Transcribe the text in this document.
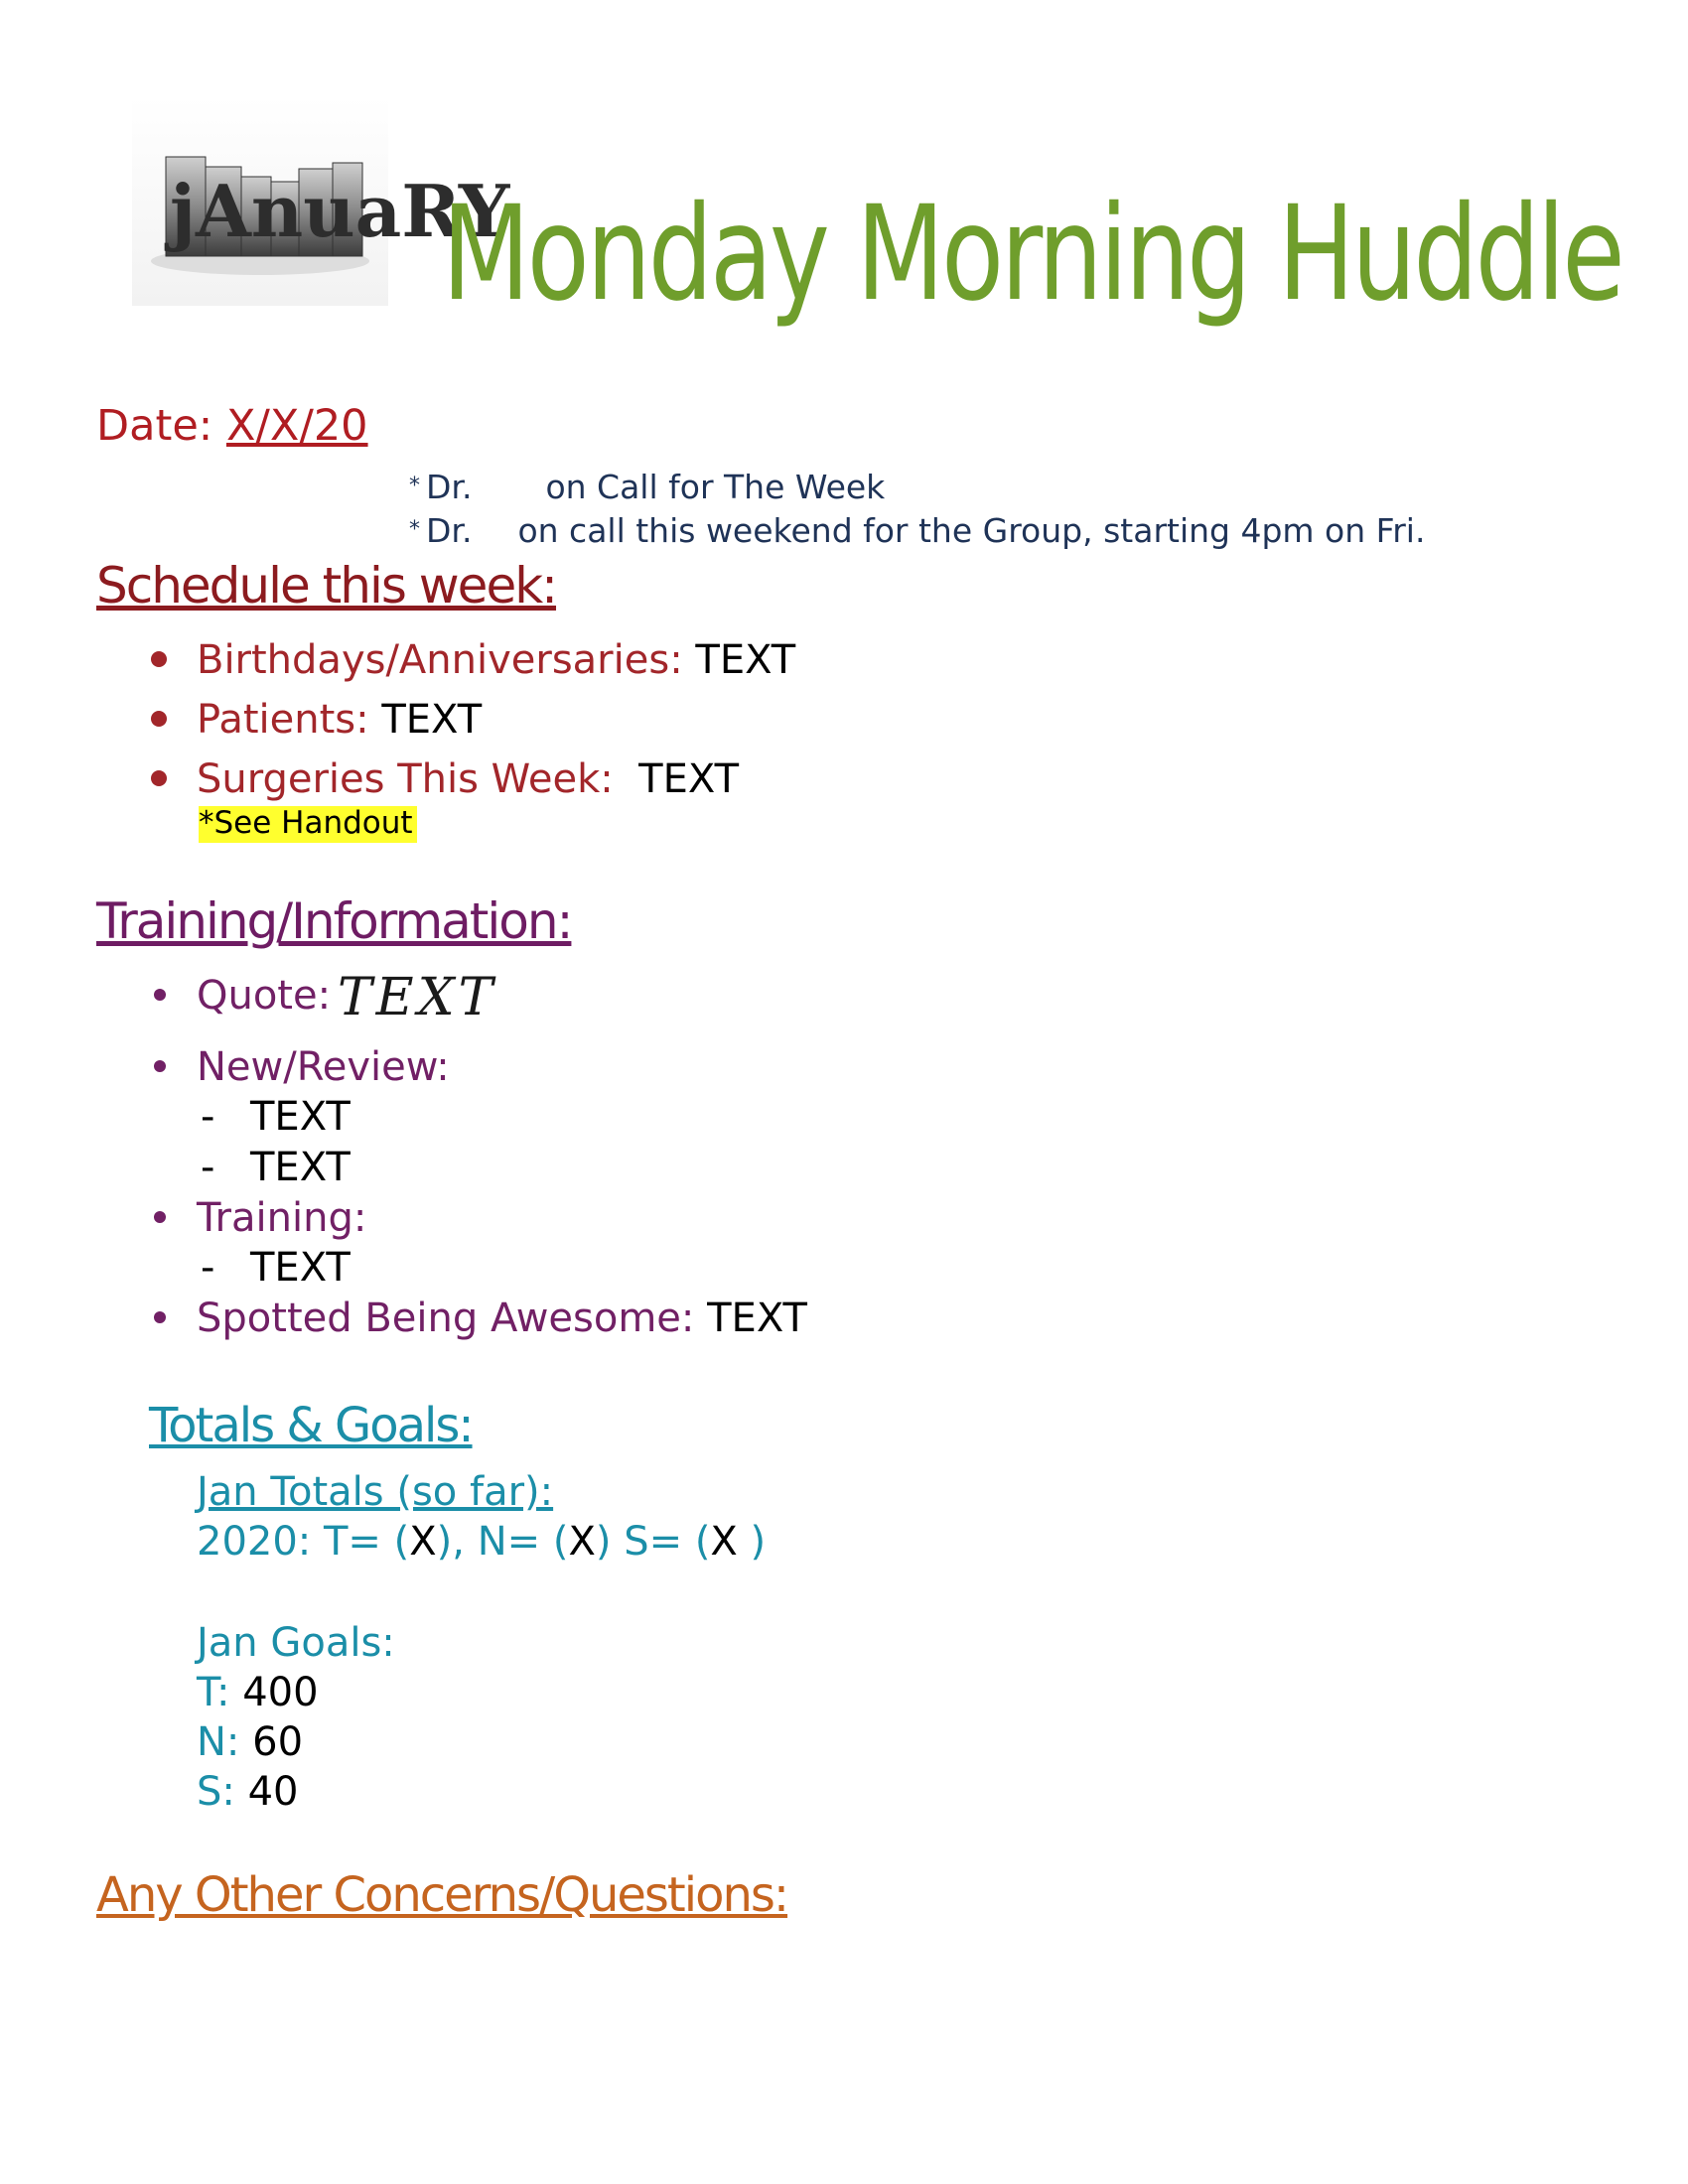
jAnuaRY
Monday Morning Huddle
Date: X/X/20
* Dr. on Call for The Week
* Dr. on call this weekend for the Group, starting 4pm on Fri.
Schedule this week:
Birthdays/Anniversaries: TEXT
Patients: TEXT
Surgeries This Week:  TEXT
*See Handout
Training/Information:
Quote: TEXT
New/Review:
- TEXT
- TEXT
Training:
- TEXT
Spotted Being Awesome: TEXT
Totals & Goals:
Jan Totals (so far):
2020: T= (X), N= (X) S= (X )
Jan Goals:
T: 400
N: 60
S: 40
Any Other Concerns/Questions:
